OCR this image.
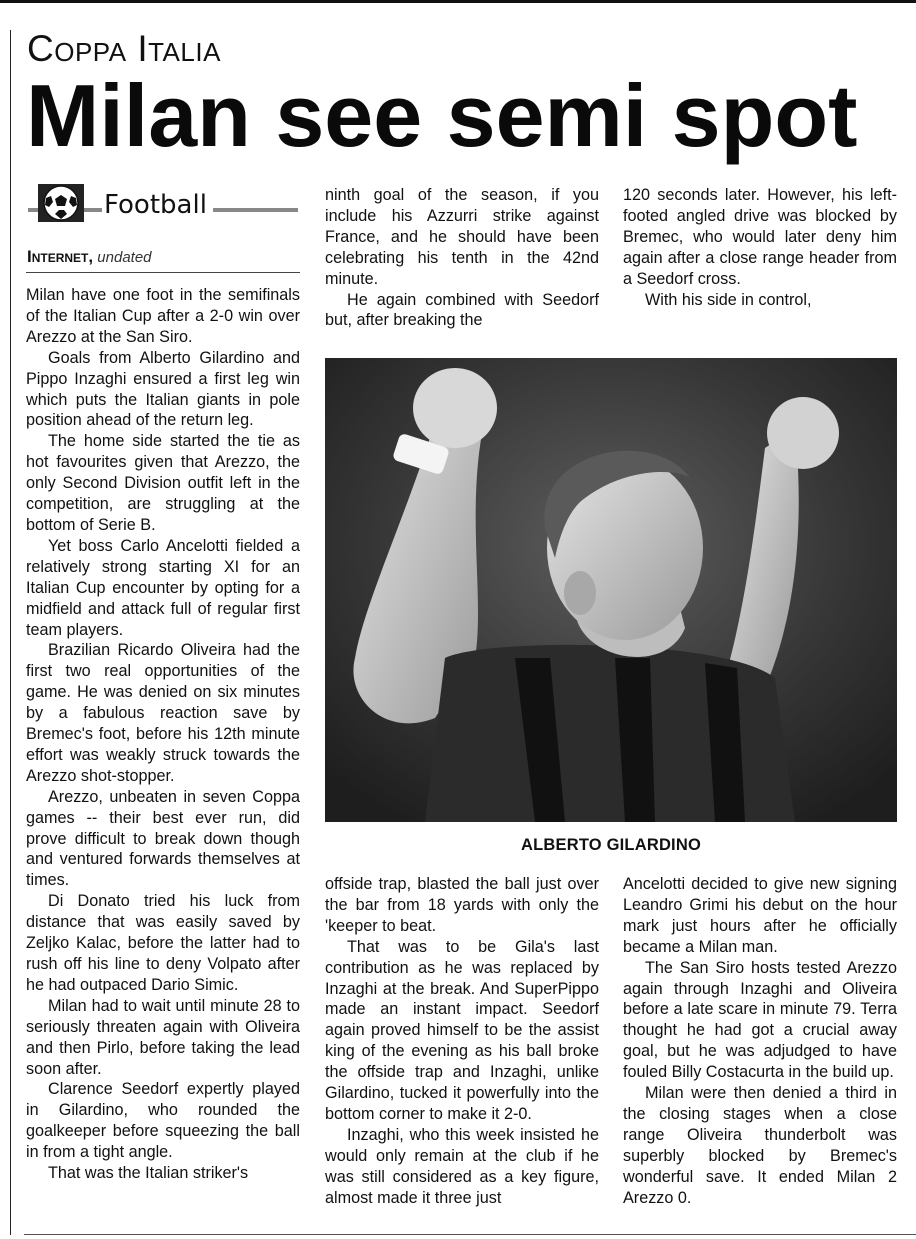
Coppa Italia
Milan see semi spot
Football
Internet, undated

Milan have one foot in the semifinals of the Italian Cup after a 2-0 win over Arezzo at the San Siro.

Goals from Alberto Gilardino and Pippo Inzaghi ensured a first leg win which puts the Italian giants in pole position ahead of the return leg.

The home side started the tie as hot favourites given that Arezzo, the only Second Division outfit left in the competition, are struggling at the bottom of Serie B.

Yet boss Carlo Ancelotti fielded a relatively strong starting XI for an Italian Cup encounter by opting for a midfield and attack full of regular first team players.

Brazilian Ricardo Oliveira had the first two real opportunities of the game. He was denied on six minutes by a fabulous reaction save by Bremec's foot, before his 12th minute effort was weakly struck towards the Arezzo shot-stopper.

Arezzo, unbeaten in seven Coppa games -- their best ever run, did prove difficult to break down though and ventured forwards themselves at times.

Di Donato tried his luck from distance that was easily saved by Zeljko Kalac, before the latter had to rush off his line to deny Volpato after he had outpaced Dario Simic.

Milan had to wait until minute 28 to seriously threaten again with Oliveira and then Pirlo, before taking the lead soon after.

Clarence Seedorf expertly played in Gilardino, who rounded the goalkeeper before squeezing the ball in from a tight angle.

That was the Italian striker's

ninth goal of the season, if you include his Azzurri strike against France, and he should have been celebrating his tenth in the 42nd minute.

He again combined with Seedorf but, after breaking the

120 seconds later. However, his left-footed angled drive was blocked by Bremec, who would later deny him again after a close range header from a Seedorf cross.

With his side in control,

ALBERTO GILARDINO

offside trap, blasted the ball just over the bar from 18 yards with only the 'keeper to beat.

That was to be Gila's last contribution as he was replaced by Inzaghi at the break. And SuperPippo made an instant impact. Seedorf again proved himself to be the assist king of the evening as his ball broke the offside trap and Inzaghi, unlike Gilardino, tucked it powerfully into the bottom corner to make it 2-0.

Inzaghi, who this week insisted he would only remain at the club if he was still considered as a key figure, almost made it three just

Ancelotti decided to give new signing Leandro Grimi his debut on the hour mark just hours after he officially became a Milan man.

The San Siro hosts tested Arezzo again through Inzaghi and Oliveira before a late scare in minute 79. Terra thought he had got a crucial away goal, but he was adjudged to have fouled Billy Costacurta in the build up.

Milan were then denied a third in the closing stages when a close range Oliveira thunderbolt was superbly blocked by Bremec's wonderful save. It ended Milan 2 Arezzo 0.
